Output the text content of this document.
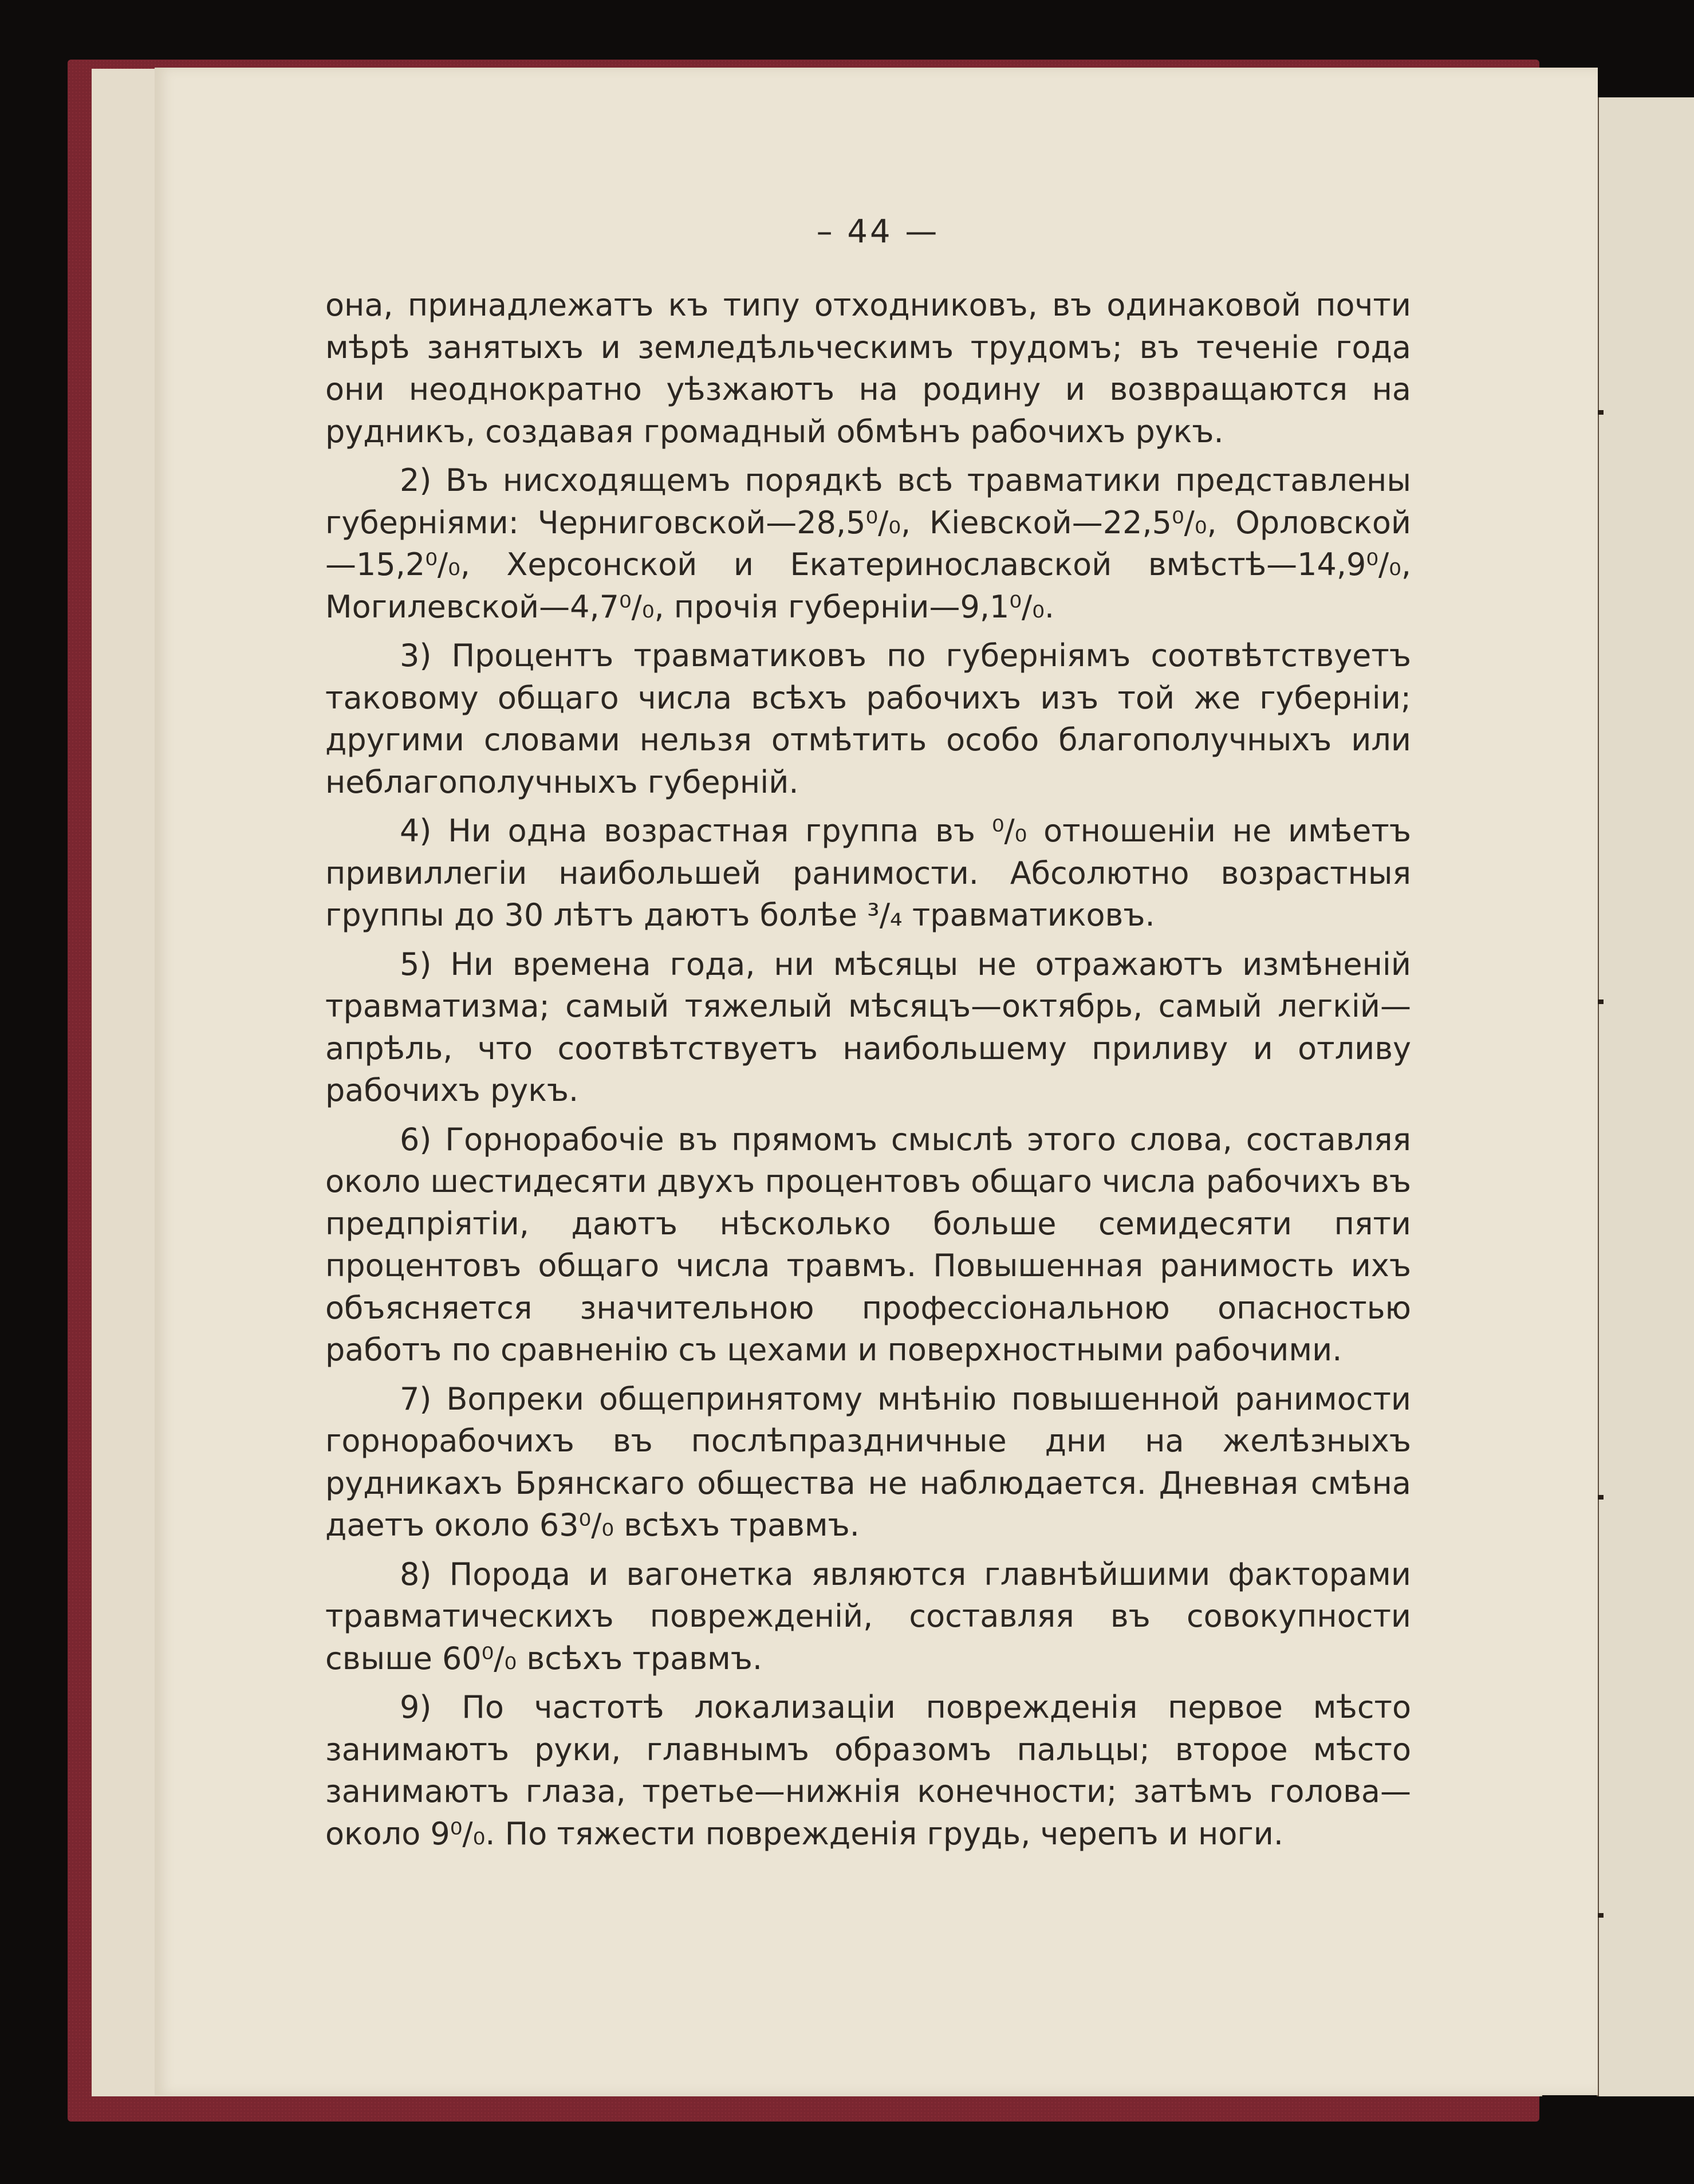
– 44 —

она, принадлежатъ къ типу отходниковъ, въ одинаковой почти мѣрѣ занятыхъ и земледѣльческимъ трудомъ; въ теченіе года они неоднократно уѣзжаютъ на родину и возвращаются на рудникъ, создавая громадный обмѣнъ рабочихъ рукъ.

2) Въ нисходящемъ порядкѣ всѣ травматики представлены губерніями: Черниговской—28,5⁰/₀, Кіевской—22,5⁰/₀, Орловской—15,2⁰/₀, Херсонской и Екатеринославской вмѣстѣ—14,9⁰/₀, Могилевской—4,7⁰/₀, прочія губерніи—9,1⁰/₀.

3) Процентъ травматиковъ по губерніямъ соотвѣтствуетъ таковому общаго числа всѣхъ рабочихъ изъ той же губерніи; другими словами нельзя отмѣтить особо благополучныхъ или неблагополучныхъ губерній.

4) Ни одна возрастная группа въ ⁰/₀ отношеніи не имѣетъ привиллегіи наибольшей ранимости. Абсолютно возрастныя группы до 30 лѣтъ даютъ болѣе ³/₄ травматиковъ.

5) Ни времена года, ни мѣсяцы не отражаютъ измѣненій травматизма; самый тяжелый мѣсяцъ—октябрь, самый легкій—апрѣль, что соотвѣтствуетъ наибольшему приливу и отливу рабочихъ рукъ.

6) Горнорабочіе въ прямомъ смыслѣ этого слова, составляя около шестидесяти двухъ процентовъ общаго числа рабочихъ въ предпріятіи, даютъ нѣсколько больше семидесяти пяти процентовъ общаго числа травмъ. Повышенная ранимость ихъ объясняется значительною профессіональною опасностью работъ по сравненію съ цехами и поверхностными рабочими.

7) Вопреки общепринятому мнѣнію повышенной ранимости горнорабочихъ въ послѣпраздничные дни на желѣзныхъ рудникахъ Брянскаго общества не наблюдается. Дневная смѣна даетъ около 63⁰/₀ всѣхъ травмъ.

8) Порода и вагонетка являются главнѣйшими факторами травматическихъ поврежденій, составляя въ совокупности свыше 60⁰/₀ всѣхъ травмъ.

9) По частотѣ локализаціи поврежденія первое мѣсто занимаютъ руки, главнымъ образомъ пальцы; второе мѣсто занимаютъ глаза, третье—нижнія конечности; затѣмъ голова—около 9⁰/₀. По тяжести поврежденія грудь, черепъ и ноги.
